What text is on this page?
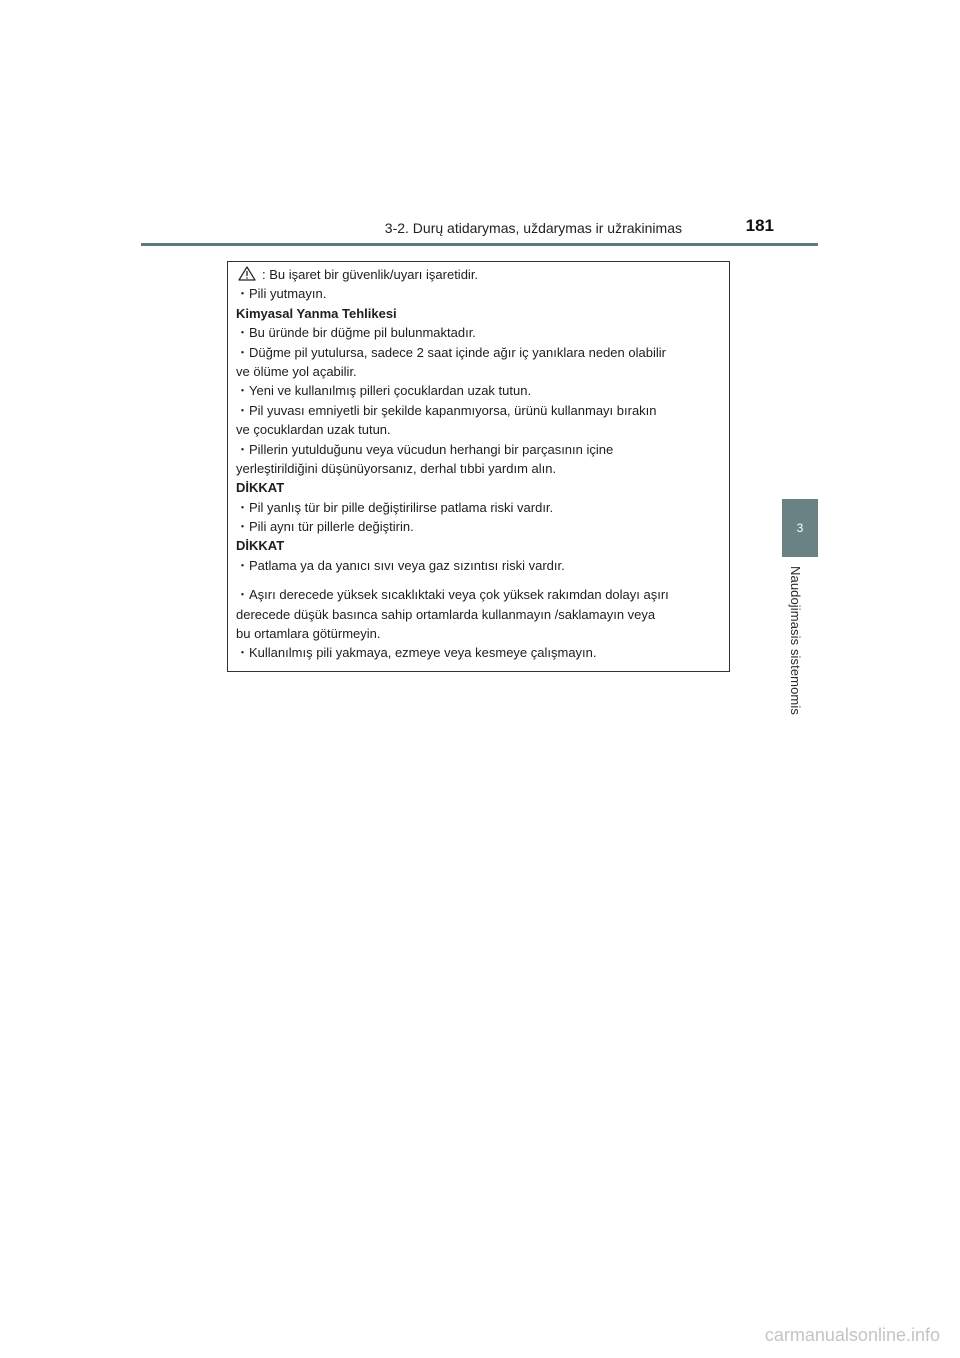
3-2. Durų atidarymas, uždarymas ir užrakinimas	181
3
Naudojimasis sistemomis
: Bu işaret bir güvenlik/uyarı işaretidir.
・Pili yutmayın.
Kimyasal Yanma Tehlikesi
・Bu üründe bir düğme pil bulunmaktadır.
・Düğme pil yutulursa, sadece 2 saat içinde ağır iç yanıklara neden olabilir
ve ölüme yol açabilir.
・Yeni ve kullanılmış pilleri çocuklardan uzak tutun.
・Pil yuvası emniyetli bir şekilde kapanmıyorsa, ürünü kullanmayı bırakın
ve çocuklardan uzak tutun.
・Pillerin yutulduğunu veya vücudun herhangi bir parçasının içine
yerleştirildiğini düşünüyorsanız, derhal tıbbi yardım alın.
DİKKAT
・Pil yanlış tür bir pille değiştirilirse patlama riski vardır.
・Pili aynı tür pillerle değiştirin.
DİKKAT
・Patlama ya da yanıcı sıvı veya gaz sızıntısı riski vardır.
・Aşırı derecede yüksek sıcaklıktaki veya çok yüksek rakımdan dolayı aşırı
derecede düşük basınca sahip ortamlarda kullanmayın /saklamayın veya
bu ortamlara götürmeyin.
・Kullanılmış pili yakmaya, ezmeye veya kesmeye çalışmayın.
carmanualsonline.info
